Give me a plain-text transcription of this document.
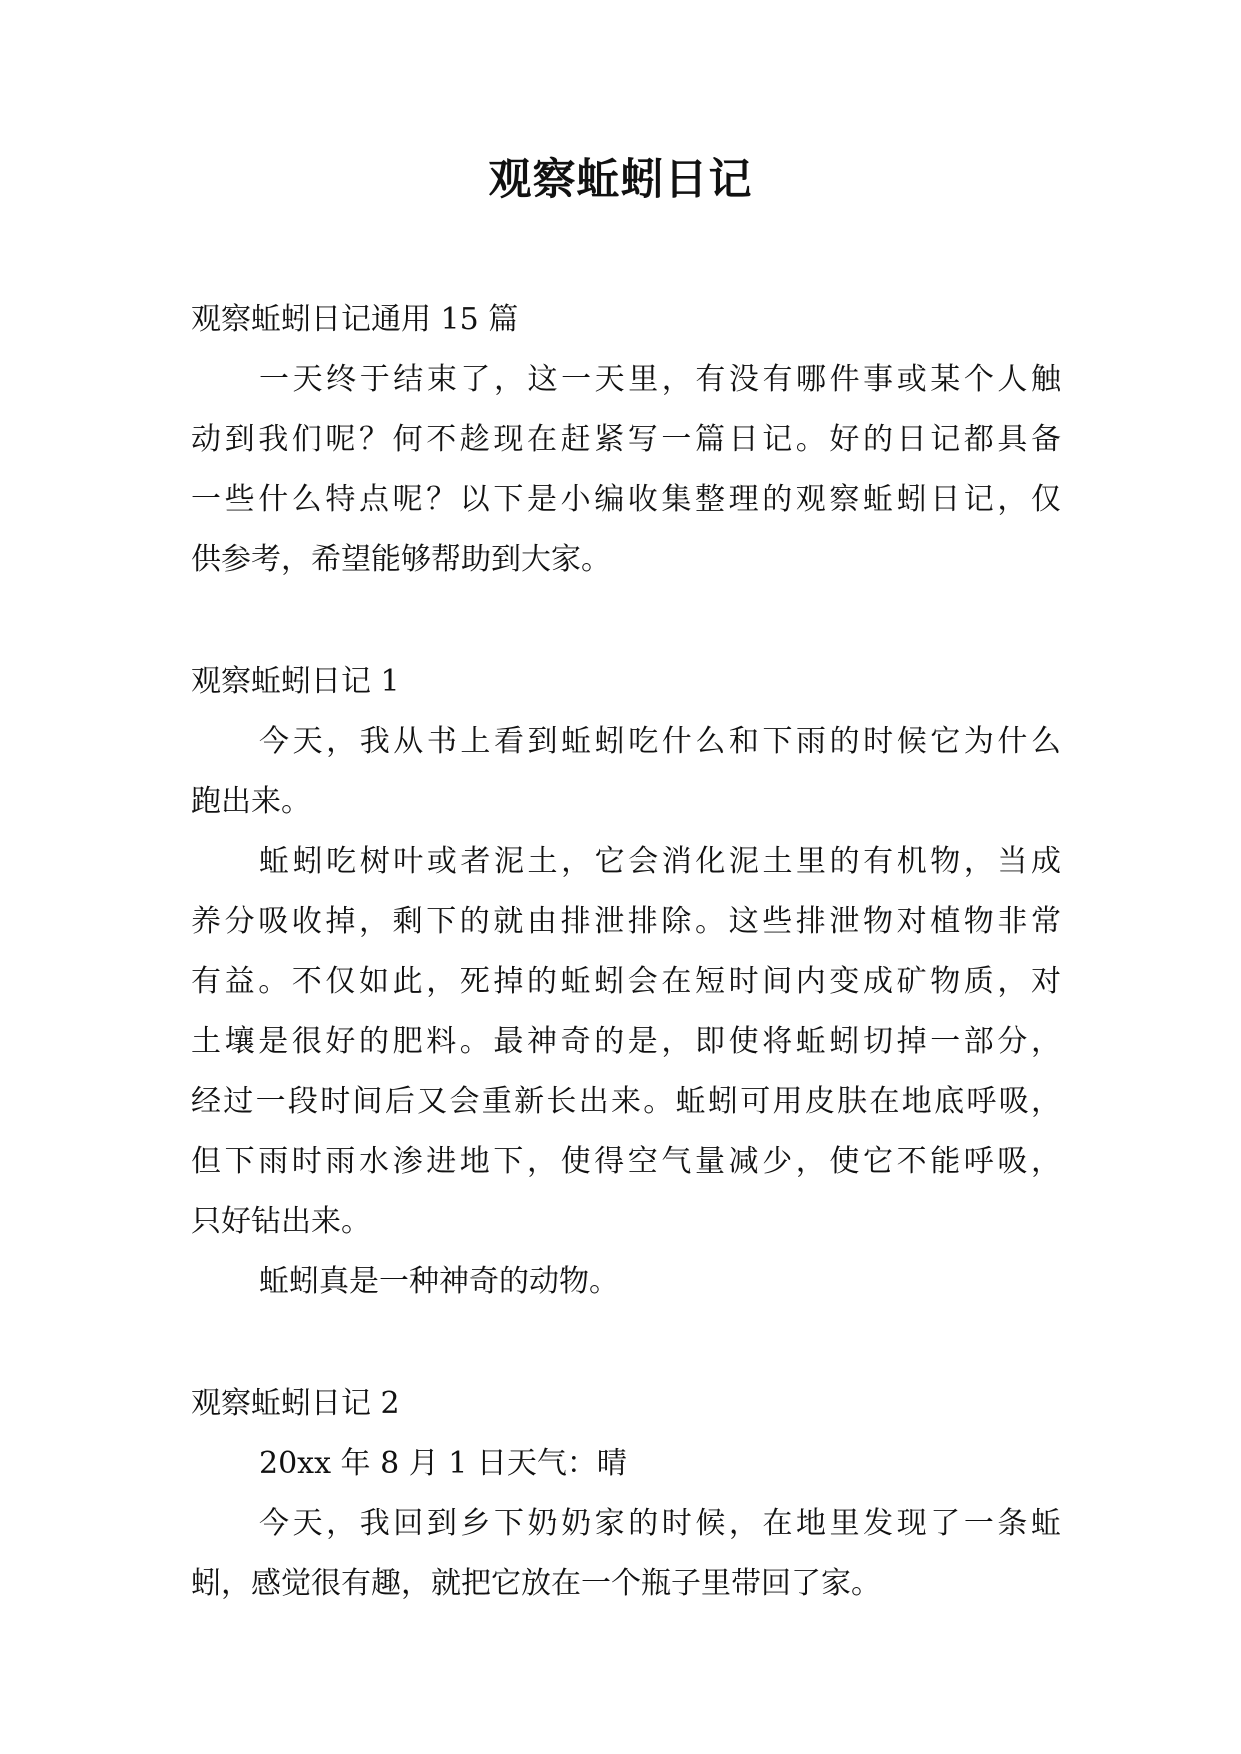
观察蚯蚓日记
观察蚯蚓日记通用 15 篇
一天终于结束了，这一天里，有没有哪件事或某个人触
动到我们呢？何不趁现在赶紧写一篇日记。好的日记都具备
一些什么特点呢？以下是小编收集整理的观察蚯蚓日记，仅
供参考，希望能够帮助到大家。
观察蚯蚓日记 1
今天，我从书上看到蚯蚓吃什么和下雨的时候它为什么
跑出来。
蚯蚓吃树叶或者泥土，它会消化泥土里的有机物，当成
养分吸收掉，剩下的就由排泄排除。这些排泄物对植物非常
有益。不仅如此，死掉的蚯蚓会在短时间内变成矿物质，对
土壤是很好的肥料。最神奇的是，即使将蚯蚓切掉一部分，
经过一段时间后又会重新长出来。蚯蚓可用皮肤在地底呼吸，
但下雨时雨水渗进地下，使得空气量减少，使它不能呼吸，
只好钻出来。
蚯蚓真是一种神奇的动物。
观察蚯蚓日记 2
20xx 年 8 月 1 日天气：晴
今天，我回到乡下奶奶家的时候，在地里发现了一条蚯
蚓，感觉很有趣，就把它放在一个瓶子里带回了家。
